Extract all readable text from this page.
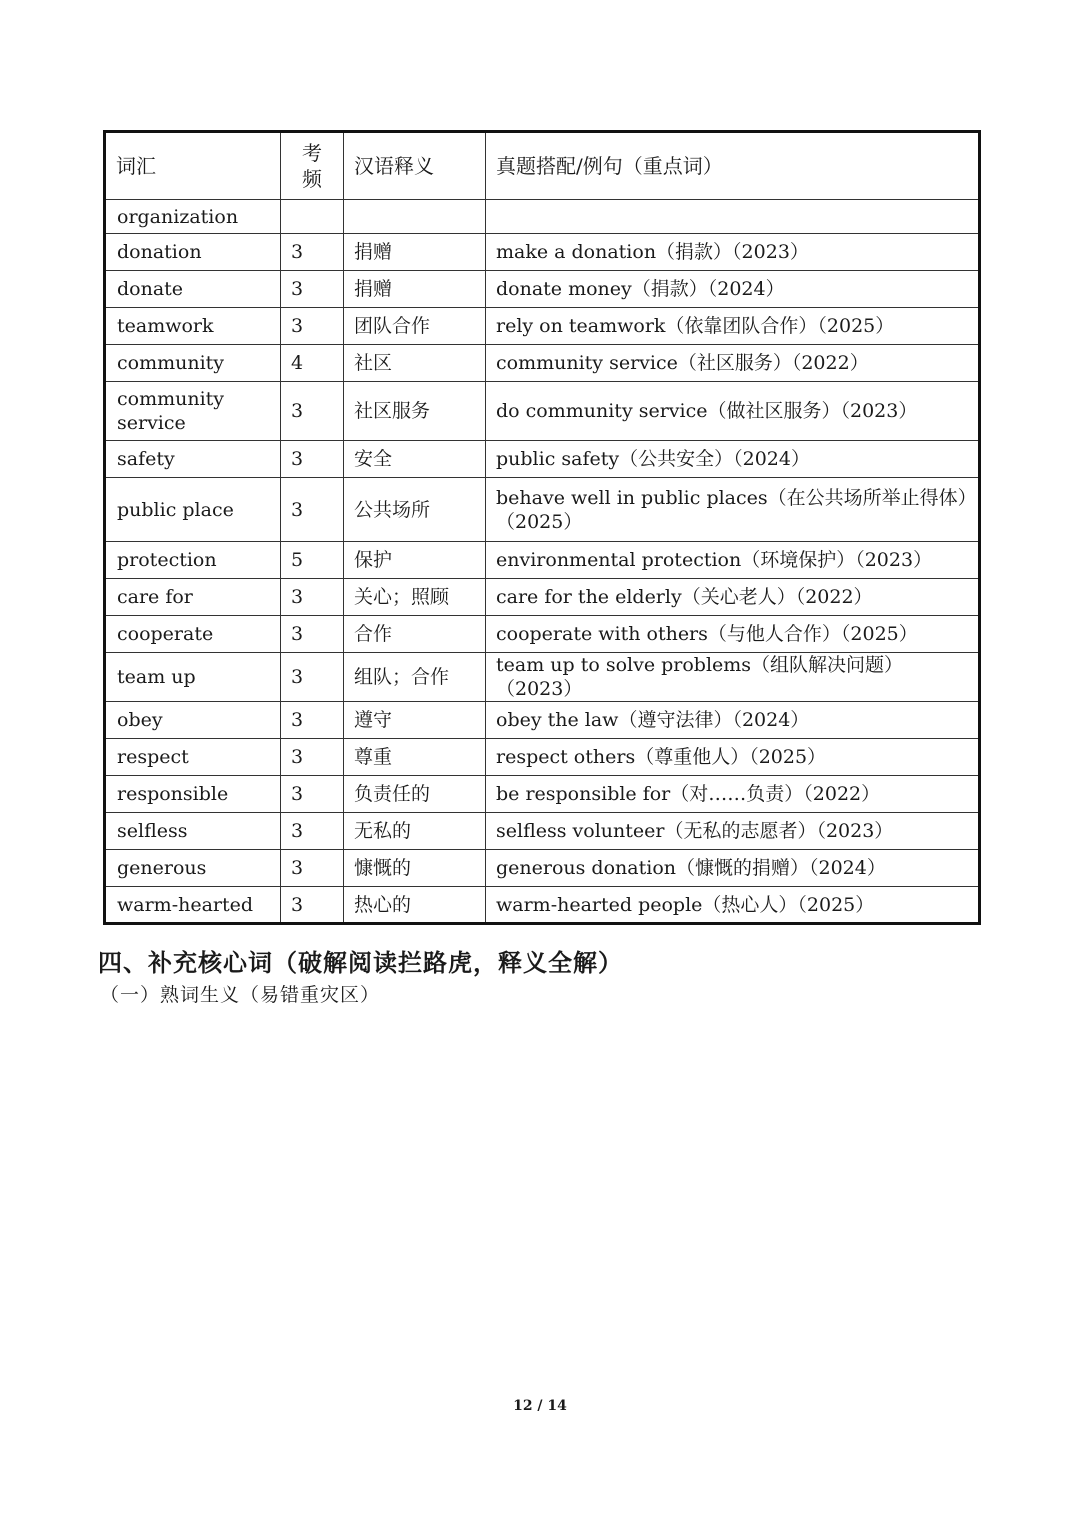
词汇	考频	汉语释义	真题搭配/例句（重点词）
organization			
donation	3	捐赠	make a donation（捐款）（2023）
donate	3	捐赠	donate money（捐款）（2024）
teamwork	3	团队合作	rely on teamwork（依靠团队合作）（2025）
community	4	社区	community service（社区服务）（2022）
community service	3	社区服务	do community service（做社区服务）（2023）
safety	3	安全	public safety（公共安全）（2024）
public place	3	公共场所	behave well in public places（在公共场所举止得体）（2025）
protection	5	保护	environmental protection（环境保护）（2023）
care for	3	关心；照顾	care for the elderly（关心老人）（2022）
cooperate	3	合作	cooperate with others（与他人合作）（2025）
team up	3	组队；合作	team up to solve problems（组队解决问题）（2023）
obey	3	遵守	obey the law（遵守法律）（2024）
respect	3	尊重	respect others（尊重他人）（2025）
responsible	3	负责任的	be responsible for（对……负责）（2022）
selfless	3	无私的	selfless volunteer（无私的志愿者）（2023）
generous	3	慷慨的	generous donation（慷慨的捐赠）（2024）
warm-hearted	3	热心的	warm-hearted people（热心人）（2025）
四、补充核心词（破解阅读拦路虎，释义全解）
（一）熟词生义（易错重灾区）
12 / 14
